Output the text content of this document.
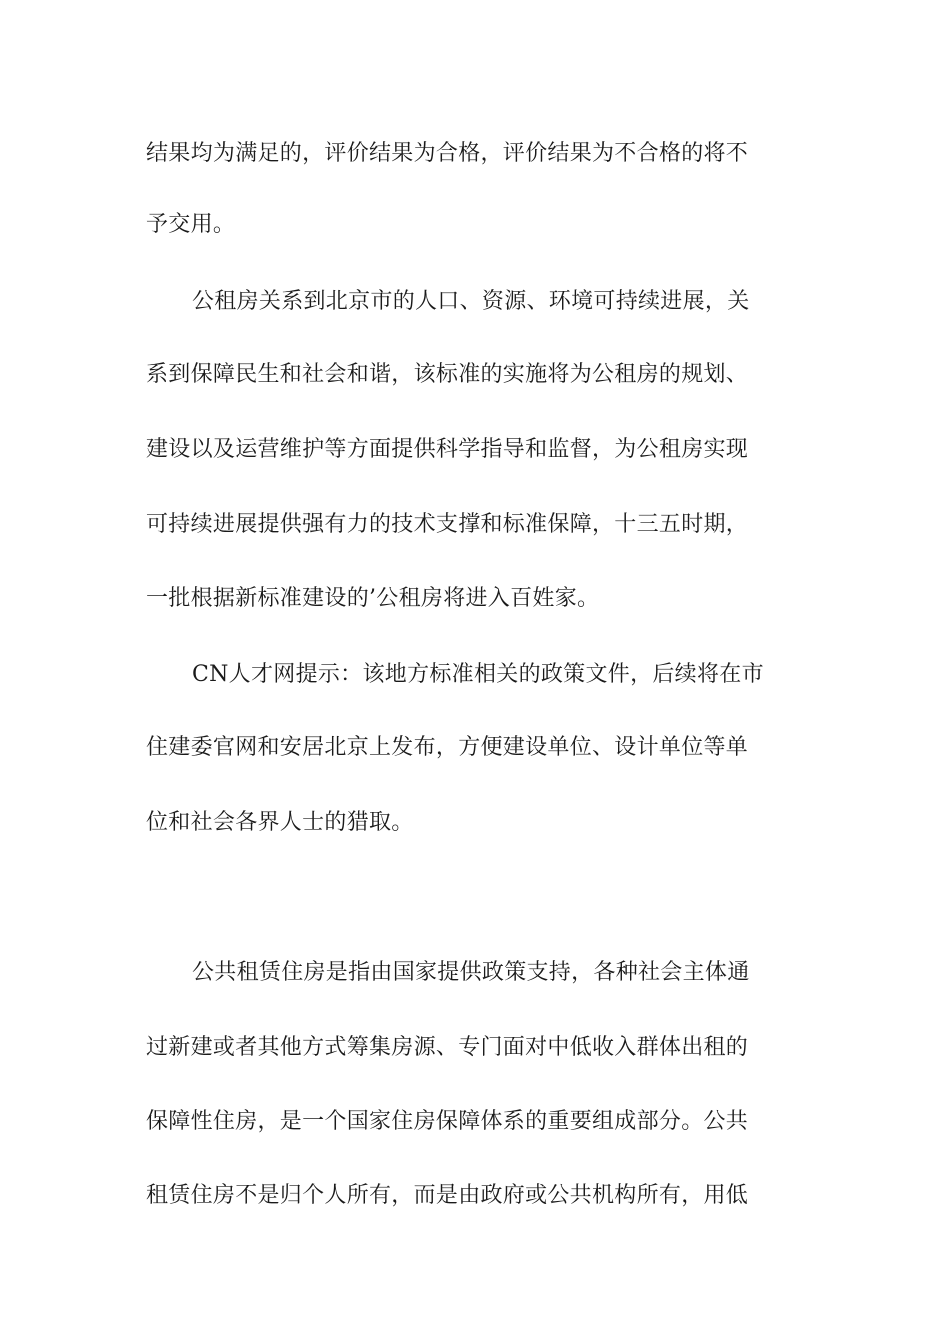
结果均为满足的，评价结果为合格，评价结果为不合格的将不
予交用。
公租房关系到北京市的人口、资源、环境可持续进展，关
系到保障民生和社会和谐，该标准的实施将为公租房的规划、
建设以及运营维护等方面提供科学指导和监督，为公租房实现
可持续进展提供强有力的技术支撑和标准保障，十三五时期，
一批根据新标准建设的’公租房将进入百姓家。
CN人才网提示：该地方标准相关的政策文件，后续将在市
住建委官网和安居北京上发布，方便建设单位、设计单位等单
位和社会各界人士的猎取。
公共租赁住房是指由国家提供政策支持，各种社会主体通
过新建或者其他方式筹集房源、专门面对中低收入群体出租的
保障性住房，是一个国家住房保障体系的重要组成部分。公共
租赁住房不是归个人所有，而是由政府或公共机构所有，用低
